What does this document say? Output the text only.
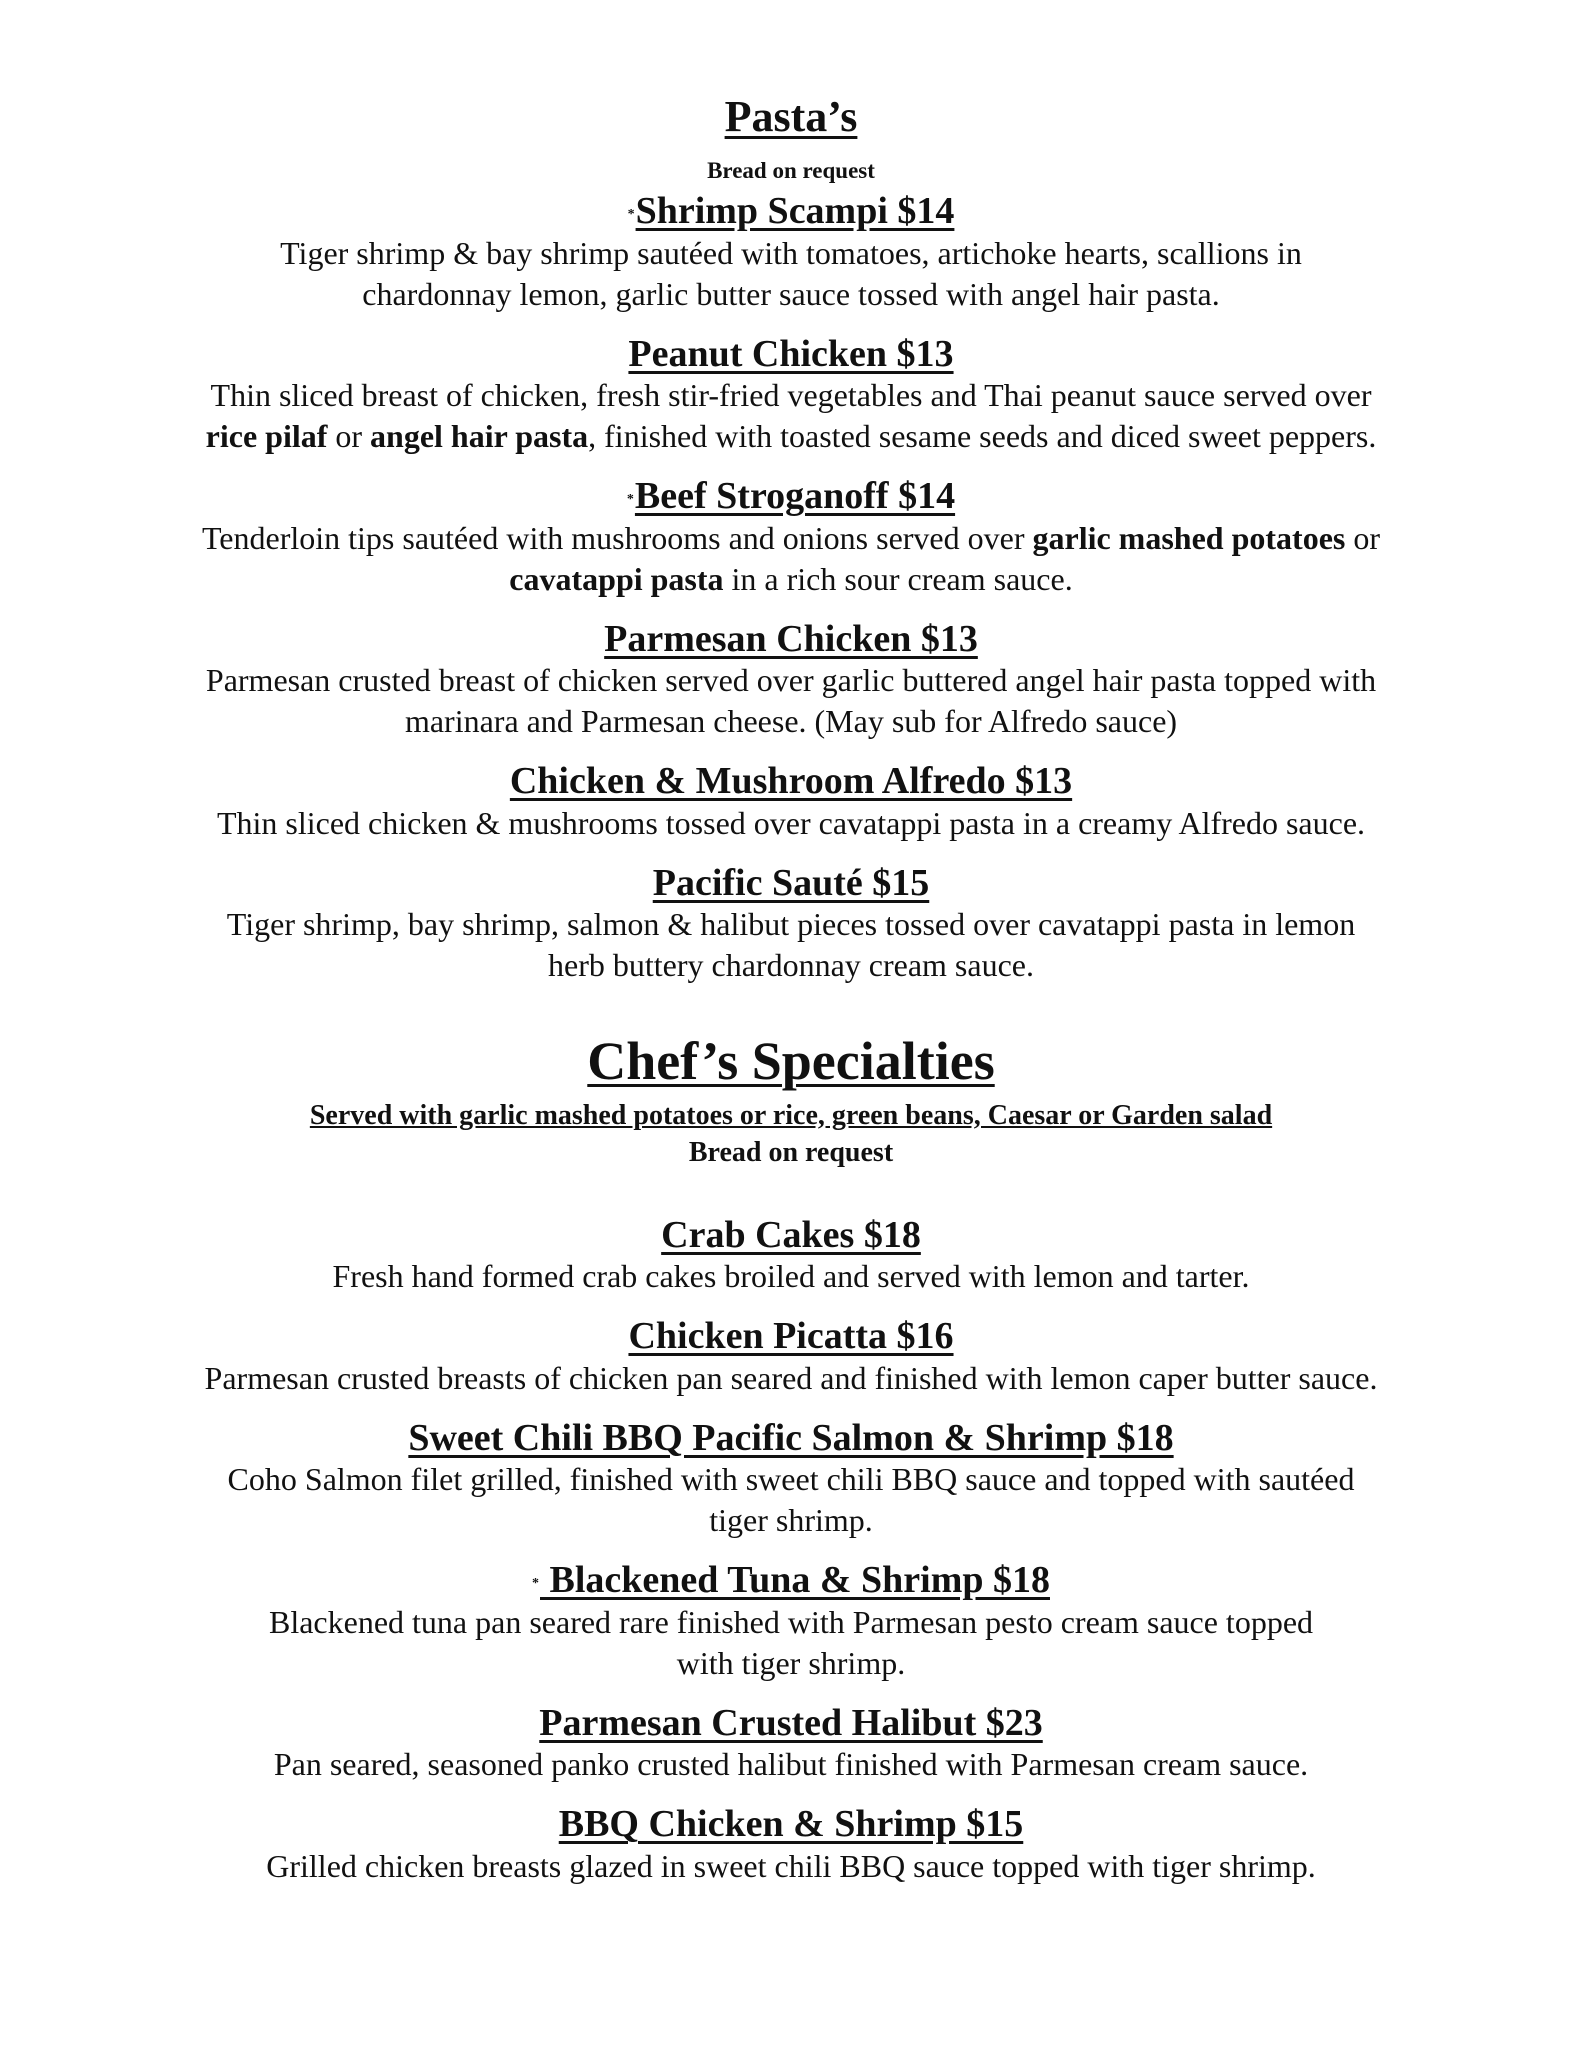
Pasta’s
Bread on request
*Shrimp Scampi $14
Tiger shrimp & bay shrimp sautéed with tomatoes, artichoke hearts, scallions in
chardonnay lemon, garlic butter sauce tossed with angel hair pasta.
Peanut Chicken $13
Thin sliced breast of chicken, fresh stir-fried vegetables and Thai peanut sauce served over
rice pilaf or angel hair pasta, finished with toasted sesame seeds and diced sweet peppers.
*Beef Stroganoff $14
Tenderloin tips sautéed with mushrooms and onions served over garlic mashed potatoes or
cavatappi pasta in a rich sour cream sauce.
Parmesan Chicken $13
Parmesan crusted breast of chicken served over garlic buttered angel hair pasta topped with
marinara and Parmesan cheese. (May sub for Alfredo sauce)
Chicken & Mushroom Alfredo $13
Thin sliced chicken & mushrooms tossed over cavatappi pasta in a creamy Alfredo sauce.
Pacific Sauté $15
Tiger shrimp, bay shrimp, salmon & halibut pieces tossed over cavatappi pasta in lemon
herb buttery chardonnay cream sauce.
Chef’s Specialties
Served with garlic mashed potatoes or rice, green beans, Caesar or Garden salad
Bread on request
Crab Cakes $18
Fresh hand formed crab cakes broiled and served with lemon and tarter.
Chicken Picatta $16
Parmesan crusted breasts of chicken pan seared and finished with lemon caper butter sauce.
Sweet Chili BBQ Pacific Salmon & Shrimp $18
Coho Salmon filet grilled, finished with sweet chili BBQ sauce and topped with sautéed
tiger shrimp.
* Blackened Tuna & Shrimp $18
Blackened tuna pan seared rare finished with Parmesan pesto cream sauce topped
with tiger shrimp.
Parmesan Crusted Halibut $23
Pan seared, seasoned panko crusted halibut finished with Parmesan cream sauce.
BBQ Chicken & Shrimp $15
Grilled chicken breasts glazed in sweet chili BBQ sauce topped with tiger shrimp.
